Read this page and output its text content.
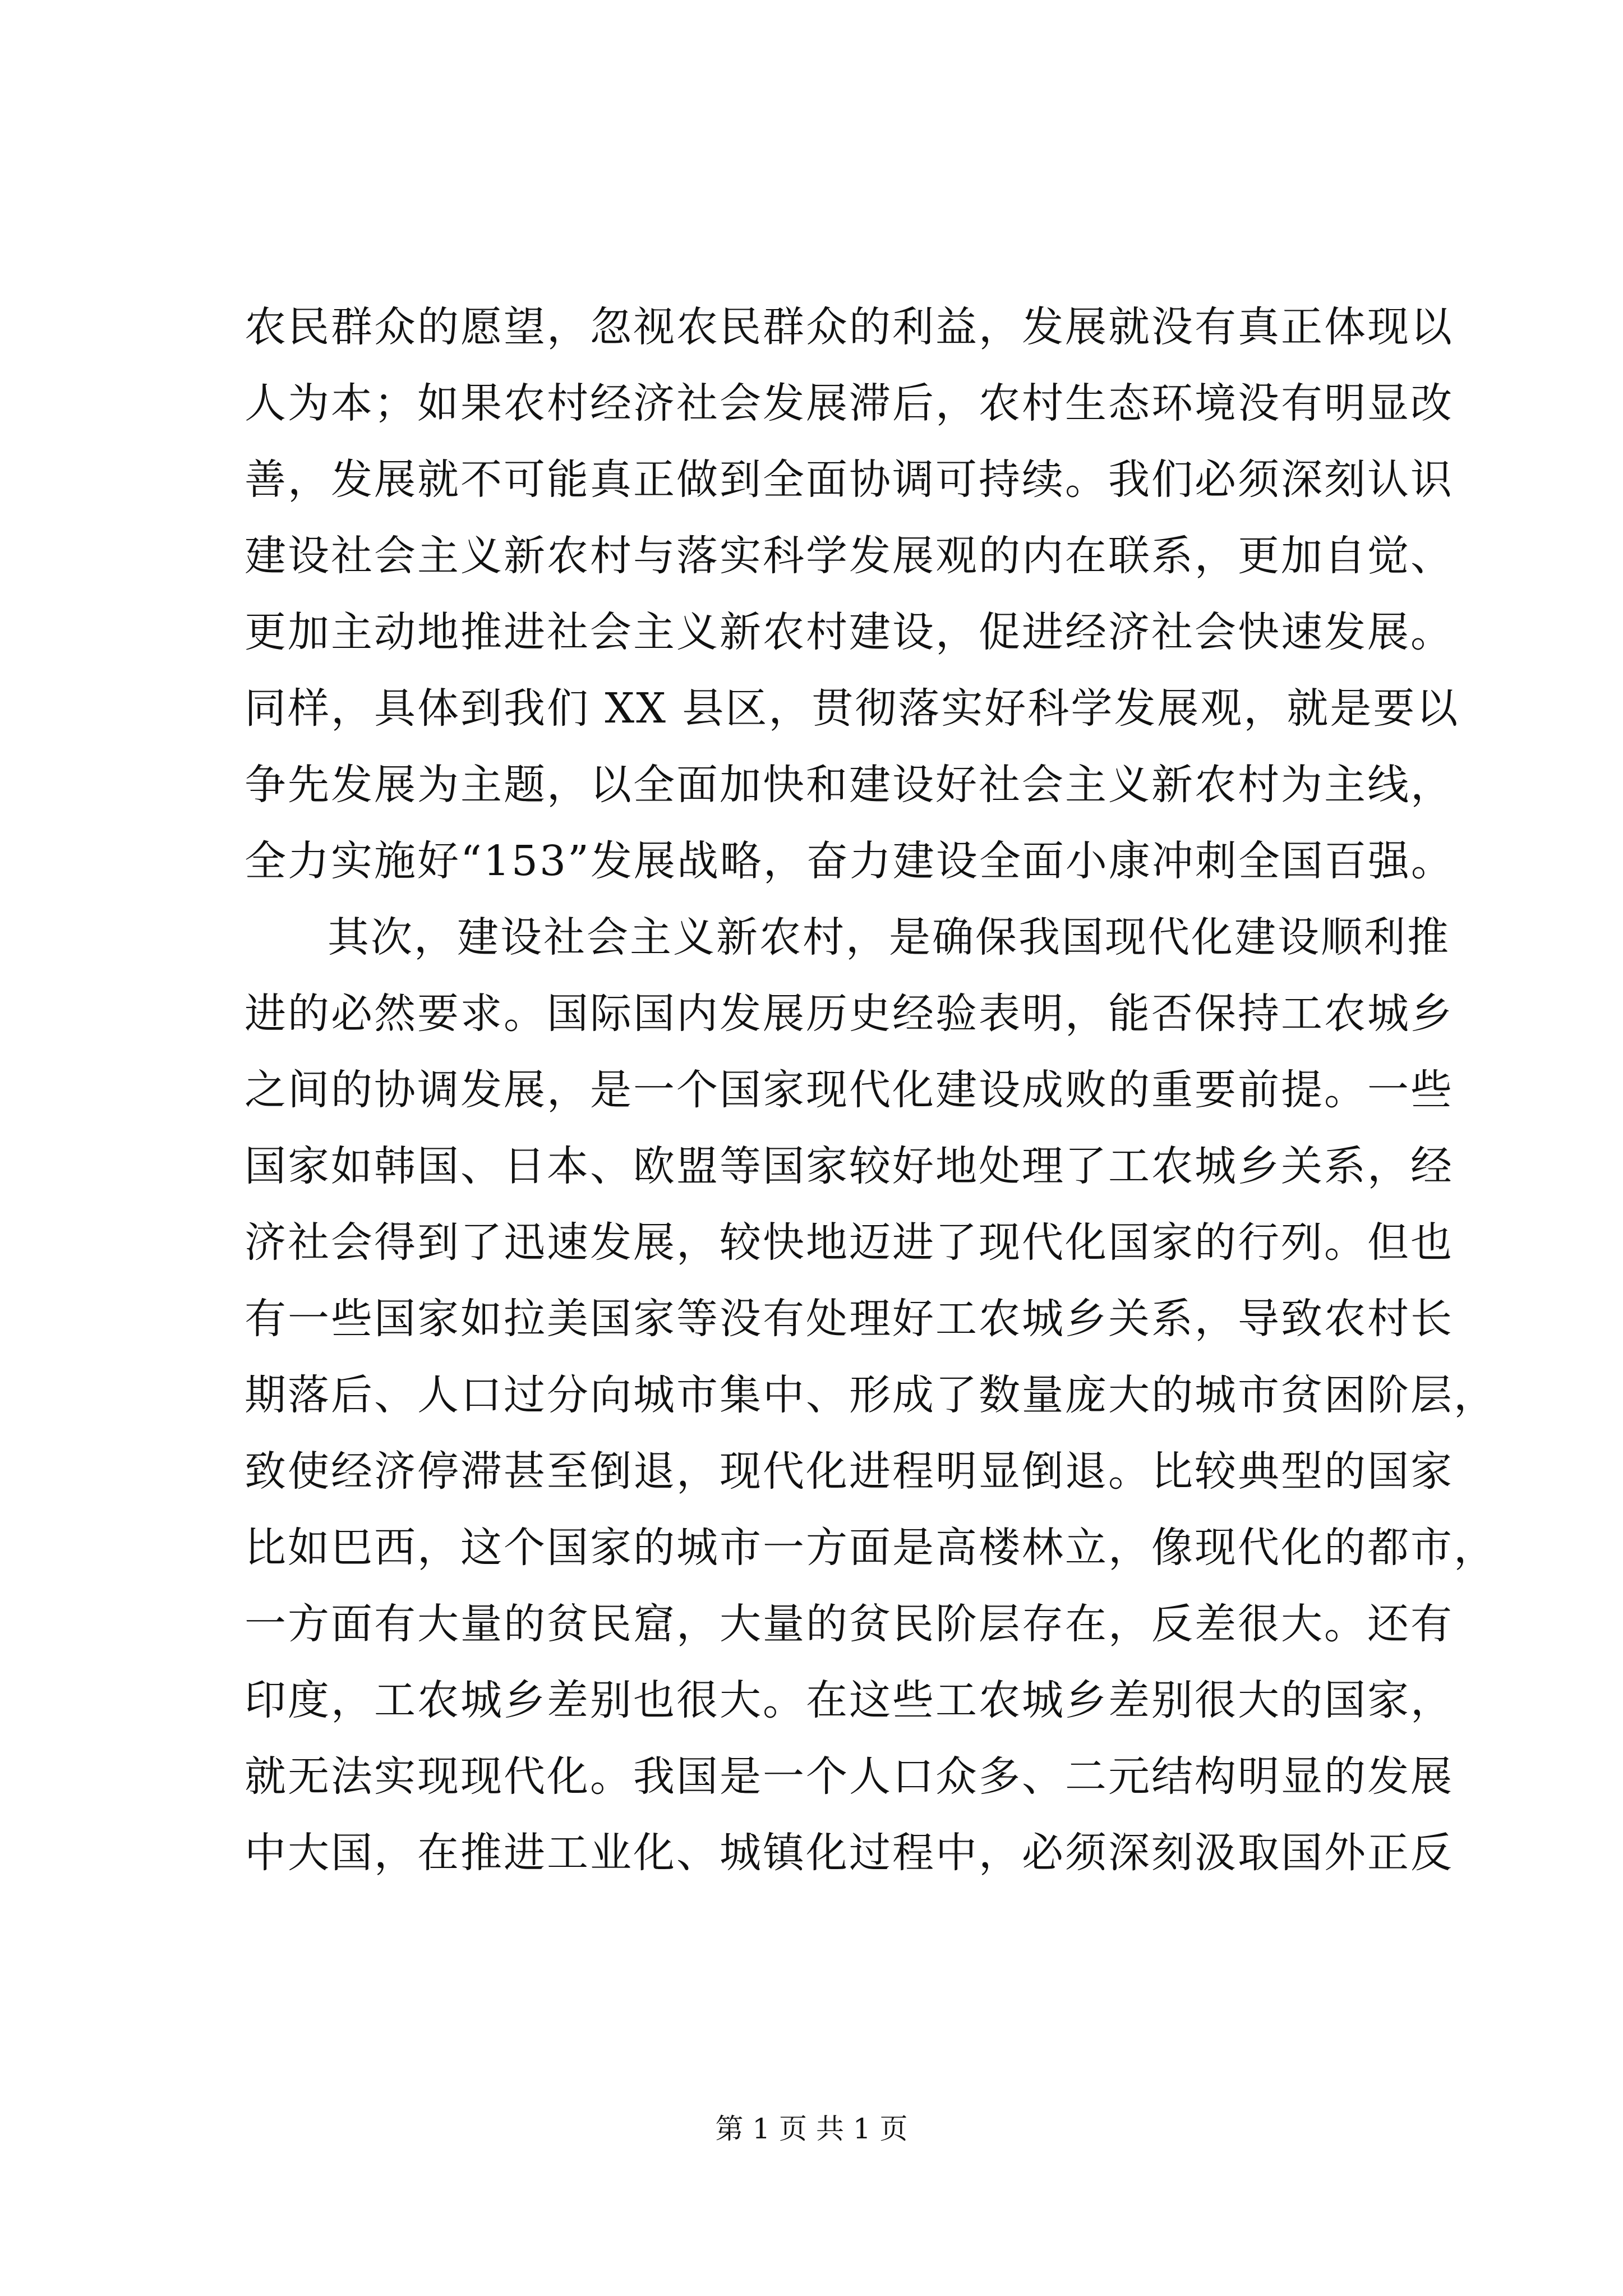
农民群众的愿望，忽视农民群众的利益，发展就没有真正体现以
人为本；如果农村经济社会发展滞后，农村生态环境没有明显改
善，发展就不可能真正做到全面协调可持续。我们必须深刻认识
建设社会主义新农村与落实科学发展观的内在联系，更加自觉、
更加主动地推进社会主义新农村建设，促进经济社会快速发展。
同样，具体到我们 XX 县区，贯彻落实好科学发展观，就是要以
争先发展为主题，以全面加快和建设好社会主义新农村为主线，
全力实施好“153”发展战略，奋力建设全面小康冲刺全国百强。
其次，建设社会主义新农村，是确保我国现代化建设顺利推
进的必然要求。国际国内发展历史经验表明，能否保持工农城乡
之间的协调发展，是一个国家现代化建设成败的重要前提。一些
国家如韩国、日本、欧盟等国家较好地处理了工农城乡关系，经
济社会得到了迅速发展，较快地迈进了现代化国家的行列。但也
有一些国家如拉美国家等没有处理好工农城乡关系，导致农村长
期落后、人口过分向城市集中、形成了数量庞大的城市贫困阶层，
致使经济停滞甚至倒退，现代化进程明显倒退。比较典型的国家
比如巴西，这个国家的城市一方面是高楼林立，像现代化的都市，
一方面有大量的贫民窟，大量的贫民阶层存在，反差很大。还有
印度，工农城乡差别也很大。在这些工农城乡差别很大的国家，
就无法实现现代化。我国是一个人口众多、二元结构明显的发展
中大国，在推进工业化、城镇化过程中，必须深刻汲取国外正反
第 1 页 共 1 页
